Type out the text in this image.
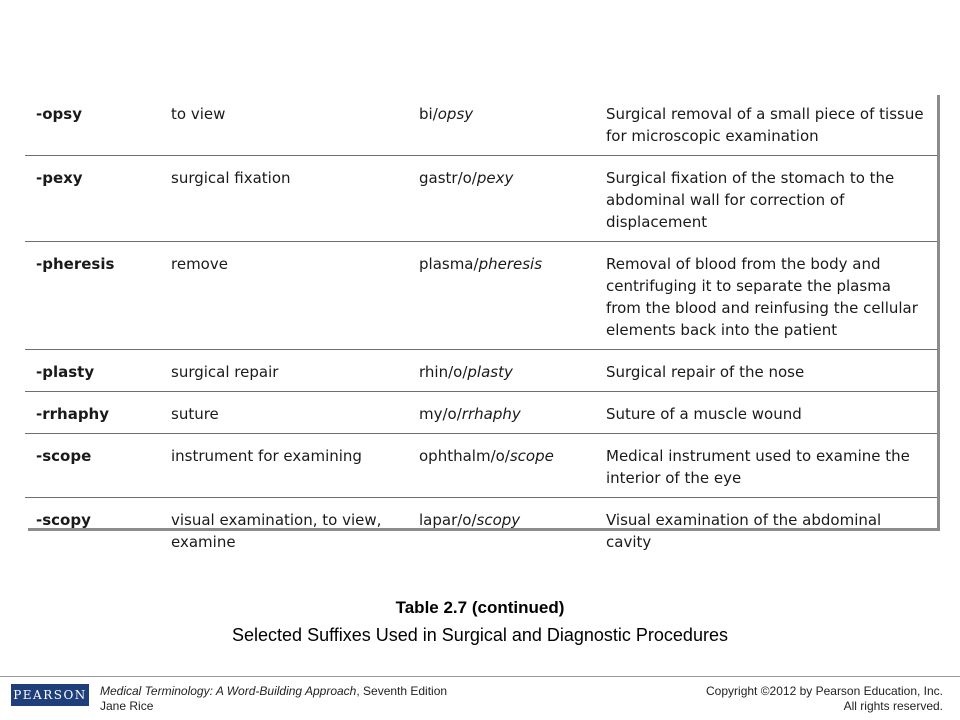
-opsy	to view	bi/opsy	Surgical removal of a small piece of tissue for microscopic examination
-pexy	surgical fixation	gastr/o/pexy	Surgical fixation of the stomach to the abdominal wall for correction of displacement
-pheresis	remove	plasma/pheresis	Removal of blood from the body and centrifuging it to separate the plasma from the blood and reinfusing the cellular elements back into the patient
-plasty	surgical repair	rhin/o/plasty	Surgical repair of the nose
-rrhaphy	suture	my/o/rrhaphy	Suture of a muscle wound
-scope	instrument for examining	ophthalm/o/scope	Medical instrument used to examine the interior of the eye
-scopy	visual examination, to view, examine	lapar/o/scopy	Visual examination of the abdominal cavity
Table 2.7 (continued)
Selected Suffixes Used in Surgical and Diagnostic Procedures
PEARSON Medical Terminology: A Word-Building Approach, Seventh Edition
Jane Rice
Copyright ©2012 by Pearson Education, Inc.
All rights reserved.
